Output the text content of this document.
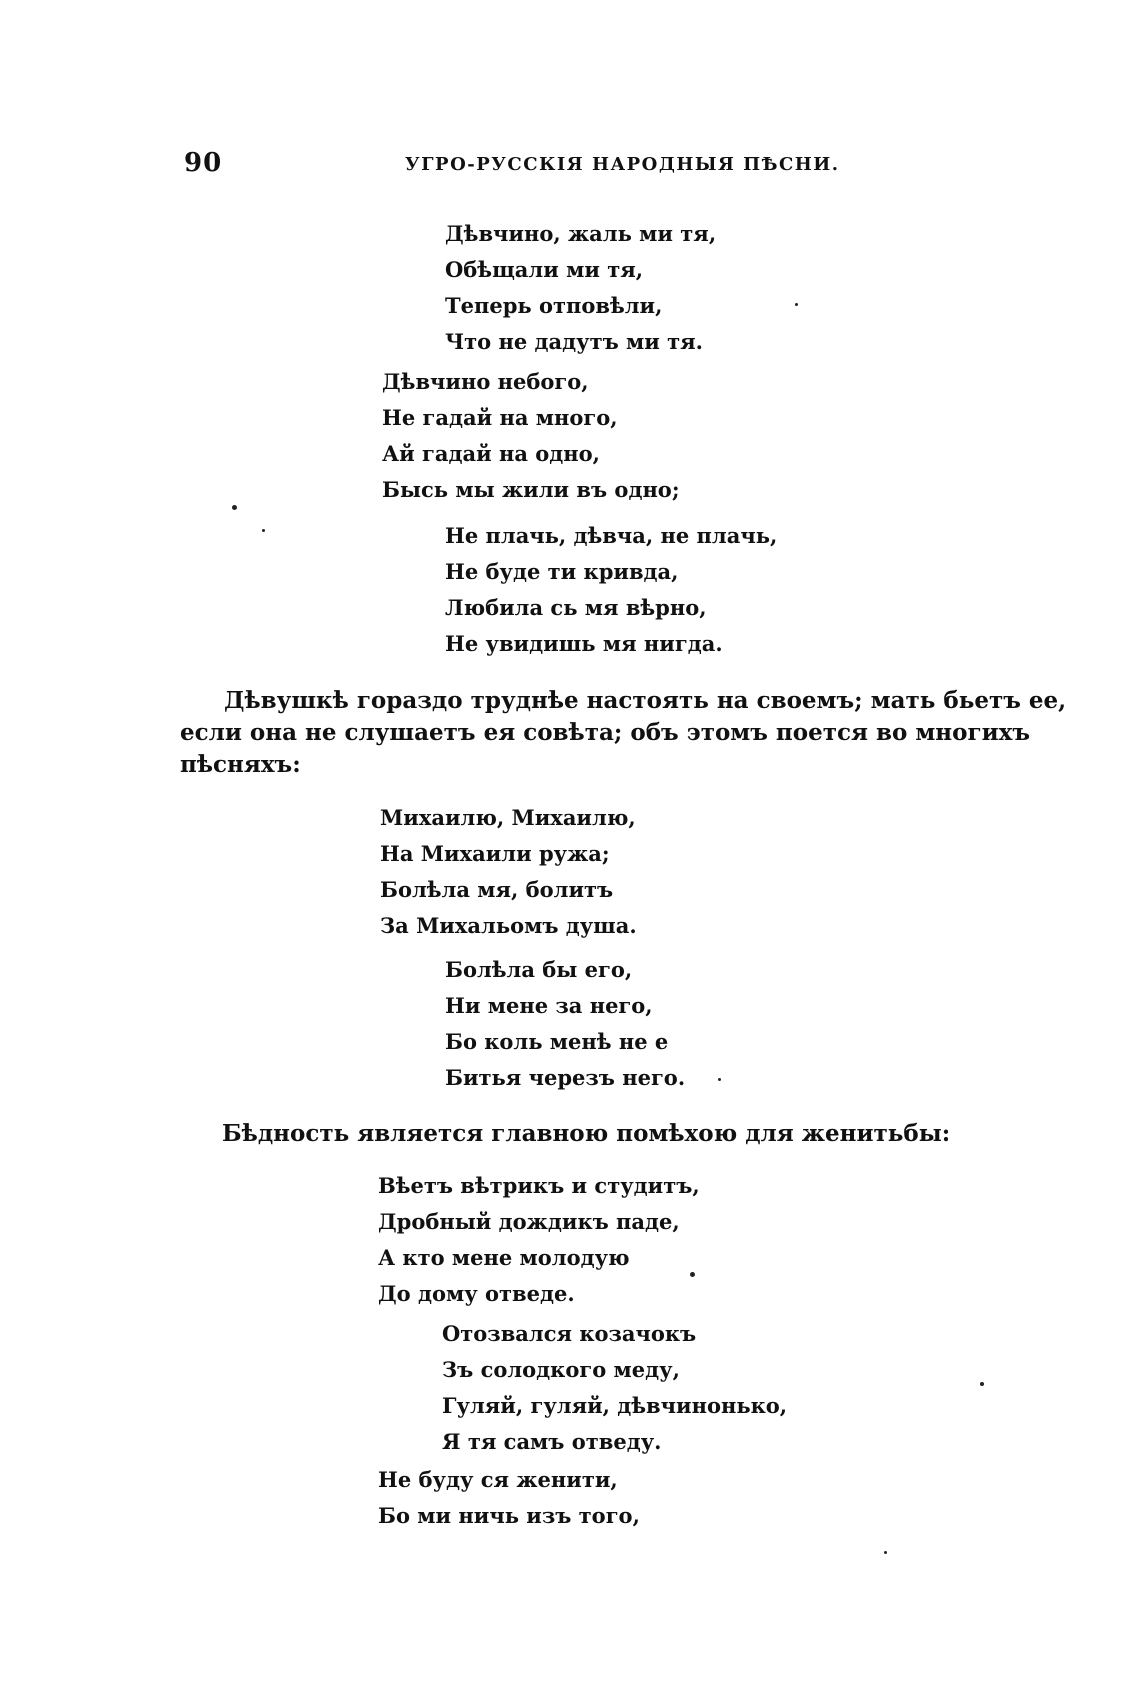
90	УГРО-РУССКІЯ НАРОДНЫЯ ПѢСНИ.
Дѣвчино, жаль ми тя,
Обѣщали ми тя,
Теперь отповѣли,
Что не дадутъ ми тя.
Дѣвчино небого,
Не гадай на много,
Ай гадай на одно,
Бысь мы жили въ одно;
Не плачь, дѣвча, не плачь,
Не буде ти кривда,
Любила сь мя вѣрно,
Не увидишь мя нигда.
Дѣвушкѣ гораздо труднѣе настоять на своемъ; мать бьетъ ее,
если она не слушаетъ ея совѣта; объ этомъ поется во многихъ
пѣсняхъ:
Михаилю, Михаилю,
На Михаили ружа;
Болѣла мя, болитъ
За Михальомъ душа.
Болѣла бы его,
Ни мене за него,
Бо коль менѣ не е
Битья черезъ него.
Бѣдность является главною помѣхою для женитьбы:
Вѣетъ вѣтрикъ и студитъ,
Дробный дождикъ паде,
А кто мене молодую
До дому отведе.
Отозвался козачокъ
Зъ солодкого меду,
Гуляй, гуляй, дѣвчинонько,
Я тя самъ отведу.
Не буду ся женити,
Бо ми ничь изъ того,
